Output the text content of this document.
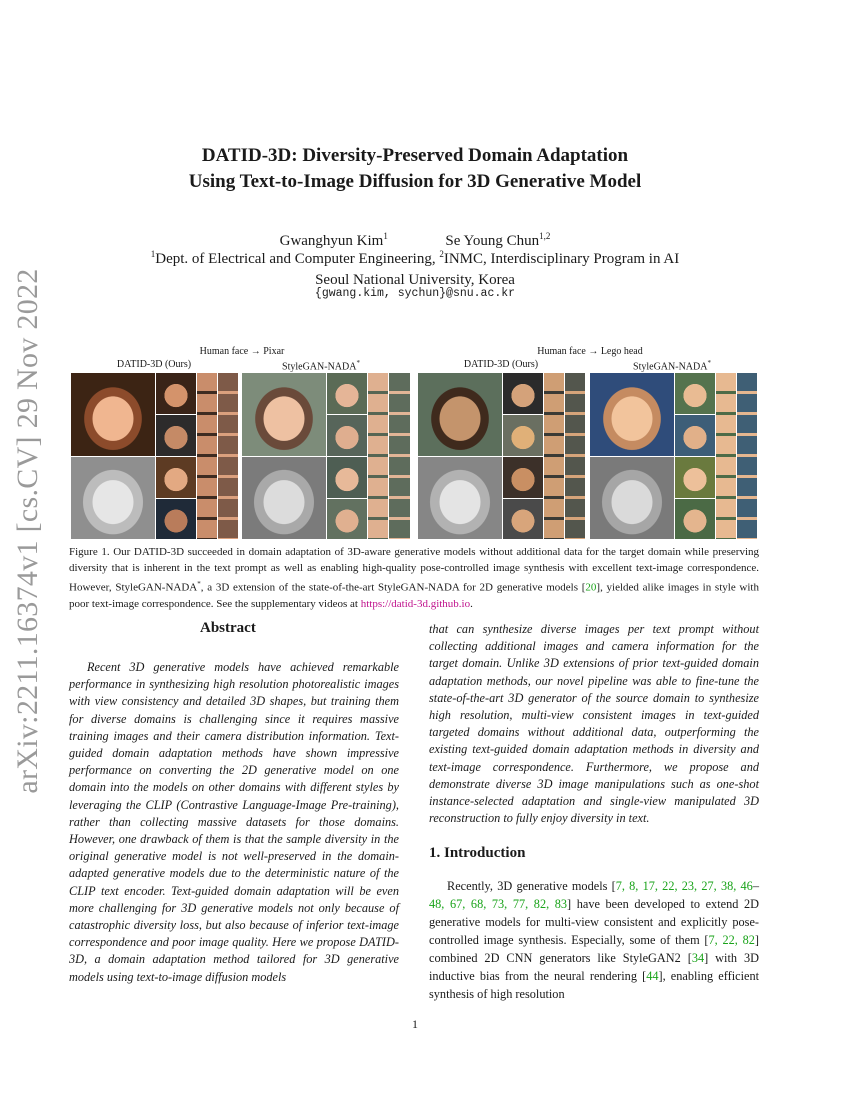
arXiv:2211.16374v1 [cs.CV] 29 Nov 2022
DATID-3D: Diversity-Preserved Domain Adaptation
Using Text-to-Image Diffusion for 3D Generative Model
Gwanghyun Kim$^1$	Se Young Chun$^{1,2}$
$^1$Dept. of Electrical and Computer Engineering, $^2$INMC, Interdisciplinary Program in AI
Seoul National University, Korea
{gwang.kim, sychun}@snu.ac.kr
Human face → Pixar	Human face → Lego head
DATID-3D (Ours)	StyleGAN-NADA*	DATID-3D (Ours)	StyleGAN-NADA*
Figure 1. Our DATID-3D succeeded in domain adaptation of 3D-aware generative models without additional data for the target domain while preserving diversity that is inherent in the text prompt as well as enabling high-quality pose-controlled image synthesis with excellent text-image correspondence. However, StyleGAN-NADA*, a 3D extension of the state-of-the-art StyleGAN-NADA for 2D generative models [20], yielded alike images in style with poor text-image correspondence. See the supplementary videos at https://datid-3d.github.io.
Abstract
Recent 3D generative models have achieved remarkable performance in synthesizing high resolution photorealistic images with view consistency and detailed 3D shapes, but training them for diverse domains is challenging since it requires massive training images and their camera distribution information. Text-guided domain adaptation methods have shown impressive performance on converting the 2D generative model on one domain into the models on other domains with different styles by leveraging the CLIP (Contrastive Language-Image Pre-training), rather than collecting massive datasets for those domains. However, one drawback of them is that the sample diversity in the original generative model is not well-preserved in the domain-adapted generative models due to the deterministic nature of the CLIP text encoder. Text-guided domain adaptation will be even more challenging for 3D generative models not only because of catastrophic diversity loss, but also because of inferior text-image correspondence and poor image quality. Here we propose DATID-3D, a domain adaptation method tailored for 3D generative models using text-to-image diffusion models
that can synthesize diverse images per text prompt without collecting additional images and camera information for the target domain. Unlike 3D extensions of prior text-guided domain adaptation methods, our novel pipeline was able to fine-tune the state-of-the-art 3D generator of the source domain to synthesize high resolution, multi-view consistent images in text-guided targeted domains without additional data, outperforming the existing text-guided domain adaptation methods in diversity and text-image correspondence. Furthermore, we propose and demonstrate diverse 3D image manipulations such as one-shot instance-selected adaptation and single-view manipulated 3D reconstruction to fully enjoy diversity in text.
1. Introduction
Recently, 3D generative models [7, 8, 17, 22, 23, 27, 38, 46–48, 67, 68, 73, 77, 82, 83] have been developed to extend 2D generative models for multi-view consistent and explicitly pose-controlled image synthesis. Especially, some of them [7, 22, 82] combined 2D CNN generators like StyleGAN2 [34] with 3D inductive bias from the neural rendering [44], enabling efficient synthesis of high resolution
1
